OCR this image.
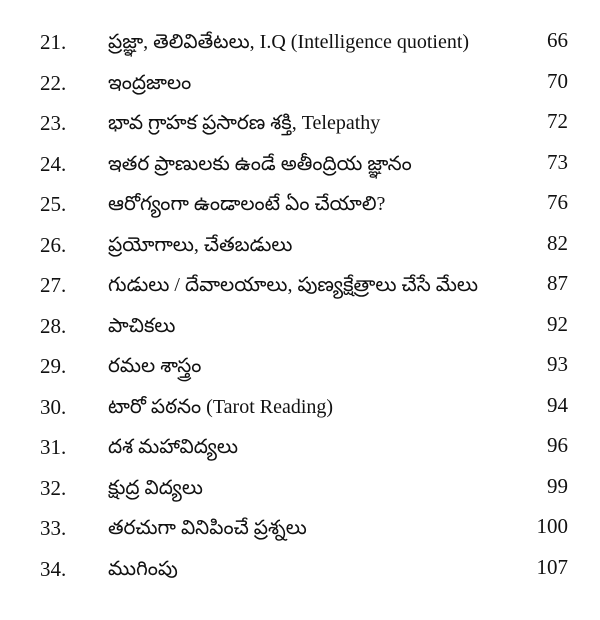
21. ప్రజ్ఞా, తెలివితేటలు, I.Q (Intelligence quotient)	66
22. ఇంద్రజాలం	70
23. భావ గ్రాహక ప్రసారణ శక్తి, Telepathy	72
24. ఇతర ప్రాణులకు ఉండే అతీంద్రియ జ్ఞానం	73
25. ఆరోగ్యంగా ఉండాలంటే ఏం చేయాలి?	76
26. ప్రయోగాలు, చేతబడులు	82
27. గుడులు / దేవాలయాలు, పుణ్యక్షేత్రాలు చేసే మేలు	87
28. పాచికలు	92
29. రమల శాస్త్రం	93
30. టారో పఠనం (Tarot Reading)	94
31. దశ మహావిద్యలు	96
32. క్షుద్ర విద్యలు	99
33. తరచుగా వినిపించే ప్రశ్నలు	100
34. ముగింపు	107
